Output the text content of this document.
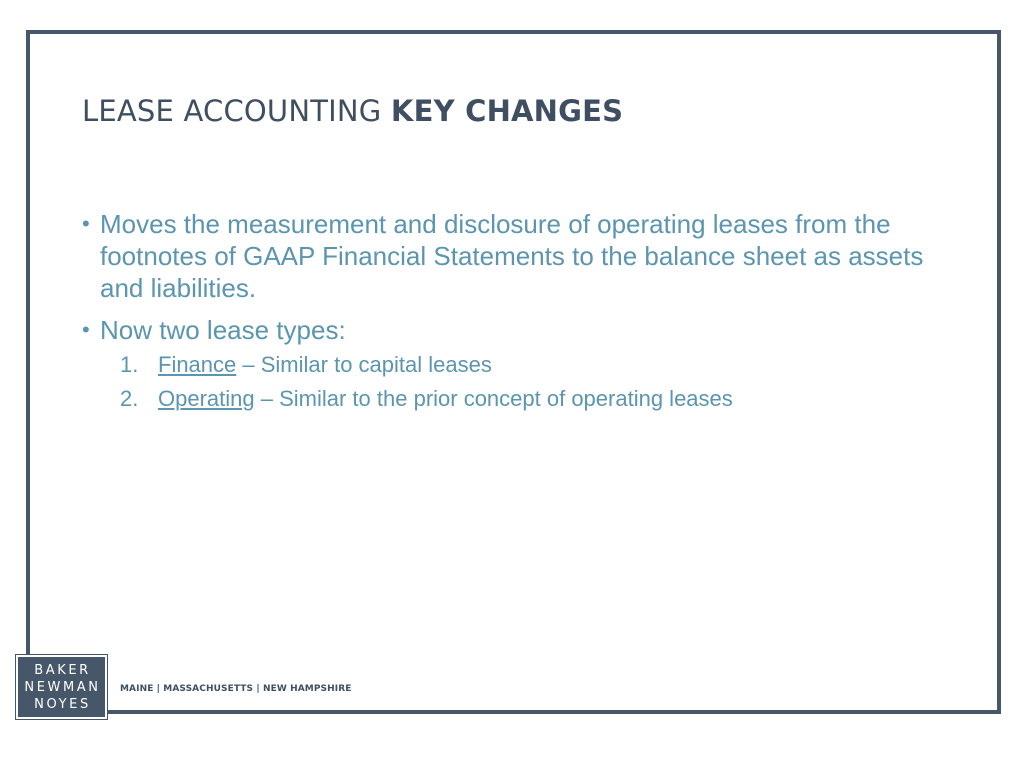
LEASE ACCOUNTING KEY CHANGES
• Moves the measurement and disclosure of operating leases from the footnotes of GAAP Financial Statements to the balance sheet as assets and liabilities.
• Now two lease types:
1. Finance – Similar to capital leases
2. Operating – Similar to the prior concept of operating leases
BAKER
NEWMAN
NOYES
MAINE | MASSACHUSETTS | NEW HAMPSHIRE
